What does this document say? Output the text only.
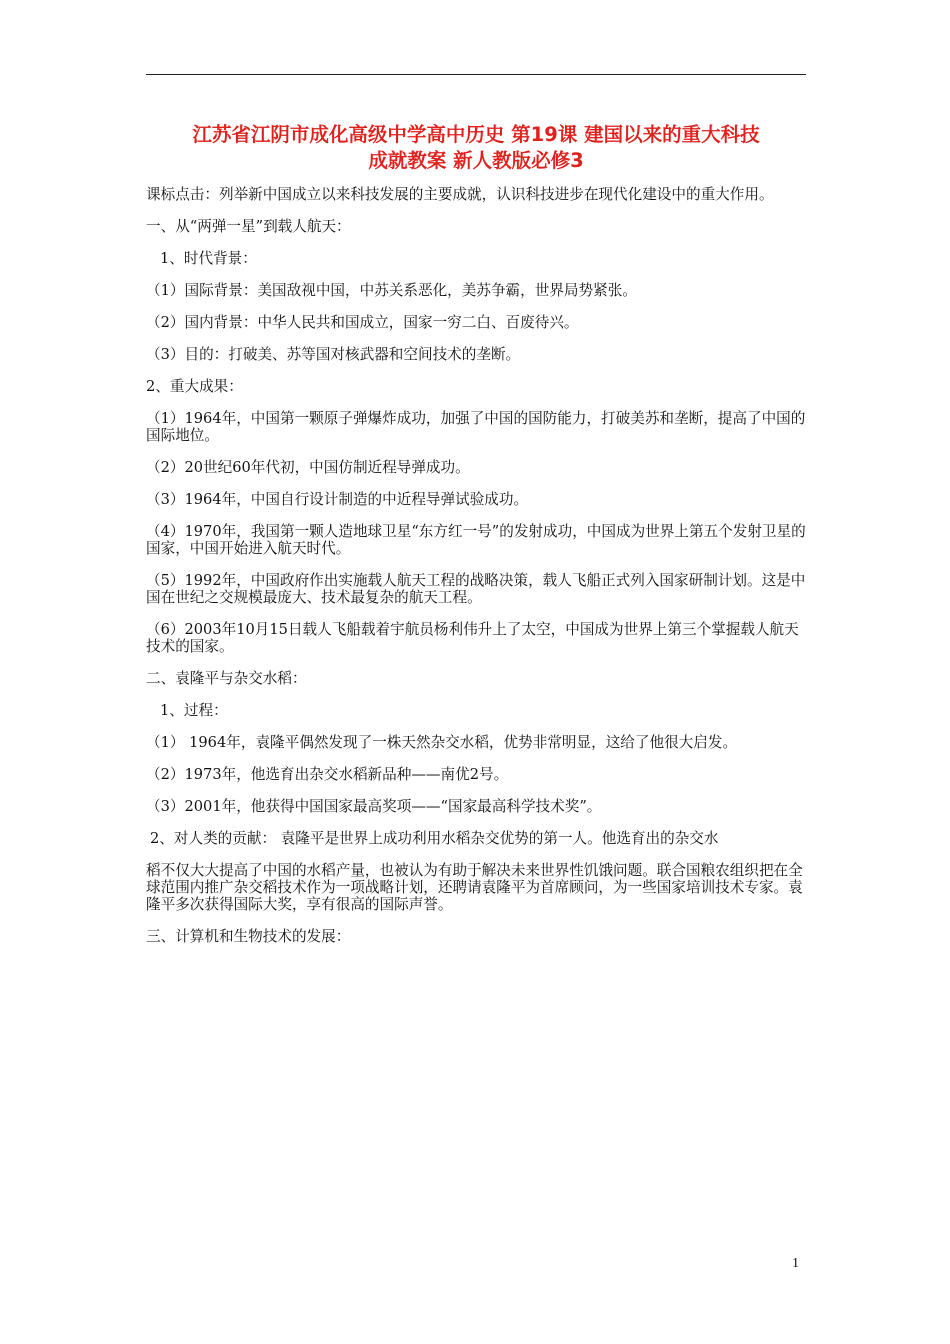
江苏省江阴市成化高级中学高中历史 第19课 建国以来的重大科技
成就教案 新人教版必修3

课标点击：列举新中国成立以来科技发展的主要成就，认识科技进步在现代化建设中的重大作用。

一、从“两弹一星”到载人航天：

1、时代背景：

（1）国际背景：美国敌视中国，中苏关系恶化，美苏争霸，世界局势紧张。

（2）国内背景：中华人民共和国成立，国家一穷二白、百废待兴。

（3）目的：打破美、苏等国对核武器和空间技术的垄断。

2、重大成果：

（1）1964年，中国第一颗原子弹爆炸成功，加强了中国的国防能力，打破美苏和垄断，提高了中国的国际地位。

（2）20世纪60年代初，中国仿制近程导弹成功。

（3）1964年，中国自行设计制造的中近程导弹试验成功。

（4）1970年，我国第一颗人造地球卫星“东方红一号”的发射成功，中国成为世界上第五个发射卫星的国家，中国开始进入航天时代。

（5）1992年，中国政府作出实施载人航天工程的战略决策，载人飞船正式列入国家研制计划。这是中国在世纪之交规模最庞大、技术最复杂的航天工程。

（6）2003年10月15日载人飞船载着宇航员杨利伟升上了太空，中国成为世界上第三个掌握载人航天技术的国家。

二、袁隆平与杂交水稻：

1、过程：

（1） 1964年，袁隆平偶然发现了一株天然杂交水稻，优势非常明显，这给了他很大启发。

（2）1973年，他选育出杂交水稻新品种——南优2号。

（3）2001年，他获得中国国家最高奖项——“国家最高科学技术奖”。

2、对人类的贡献： 袁隆平是世界上成功利用水稻杂交优势的第一人。他选育出的杂交水

稻不仅大大提高了中国的水稻产量，也被认为有助于解决未来世界性饥饿问题。联合国粮农组织把在全球范围内推广杂交稻技术作为一项战略计划，还聘请袁隆平为首席顾问，为一些国家培训技术专家。袁隆平多次获得国际大奖，享有很高的国际声誉。

三、计算机和生物技术的发展：

1
